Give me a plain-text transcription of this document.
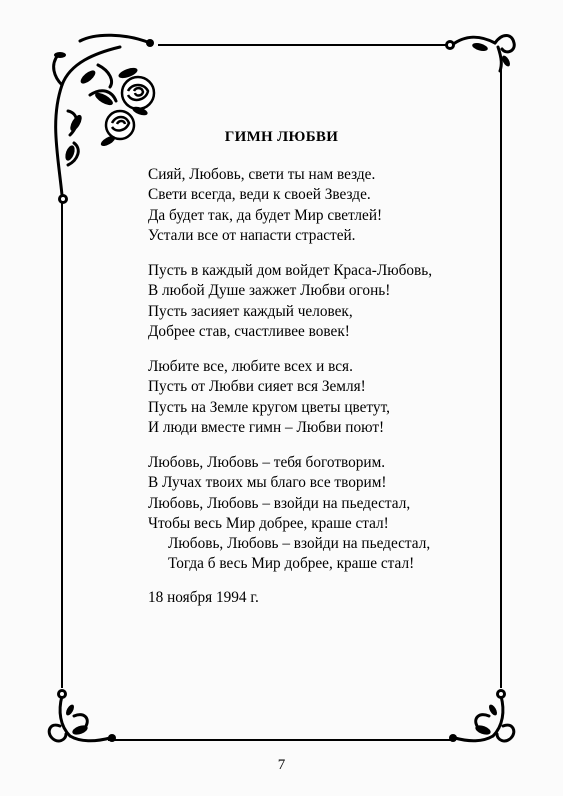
ГИМН ЛЮБВИ
Сияй, Любовь, свети ты нам везде.
Свети всегда, веди к своей Звезде.
Да будет так, да будет Мир светлей!
Устали все от напасти страстей.
Пусть в каждый дом войдет Краса-Любовь,
В любой Душе зажжет Любви огонь!
Пусть засияет каждый человек,
Добрее став, счастливее вовек!
Любите все, любите всех и вся.
Пусть от Любви сияет вся Земля!
Пусть на Земле кругом цветы цветут,
И люди вместе гимн – Любви поют!
Любовь, Любовь – тебя боготворим.
В Лучах твоих мы благо все творим!
Любовь, Любовь – взойди на пьедестал,
Чтобы весь Мир добрее, краше стал!
Любовь, Любовь – взойди на пьедестал,
Тогда б весь Мир добрее, краше стал!
18 ноября 1994 г.
7
